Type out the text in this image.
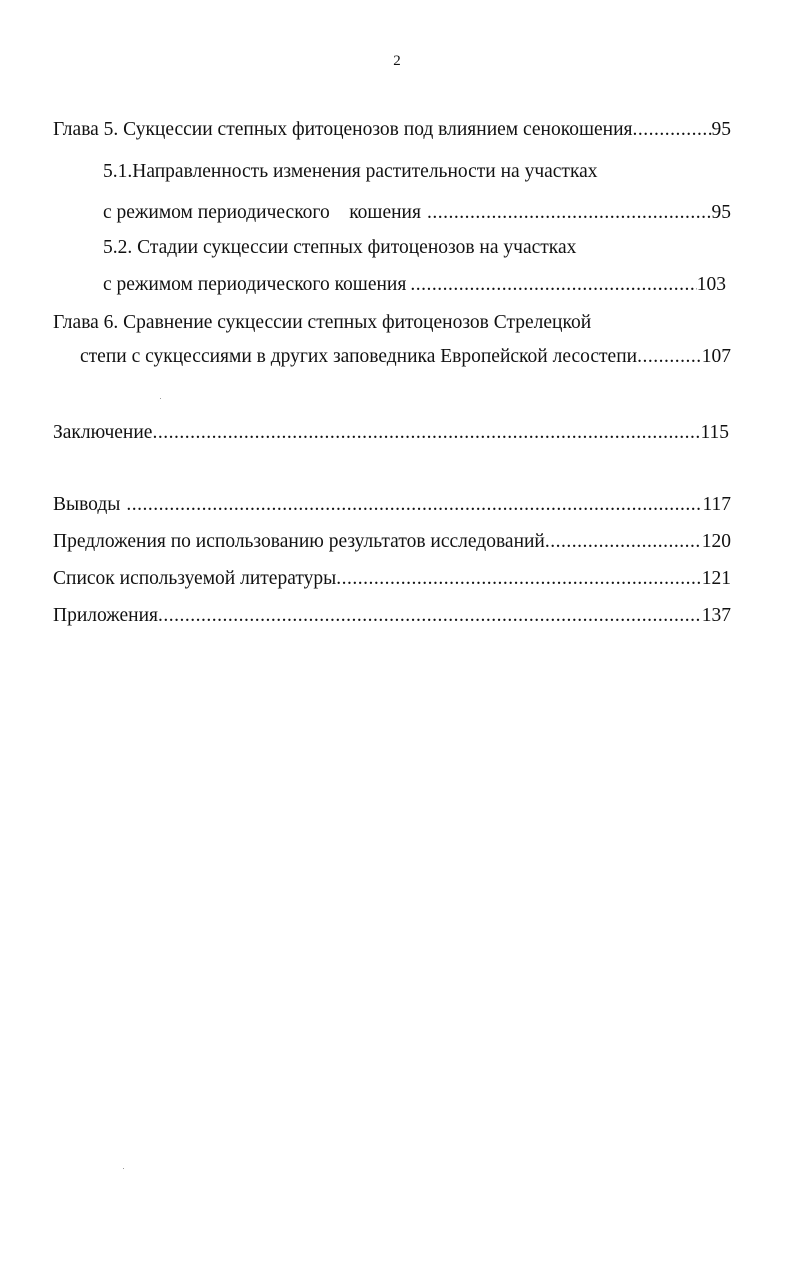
2
Глава 5. Сукцессии степных фитоценозов под влиянием сенокошения .....	95
5.1.Направленность изменения растительности на участках
с режимом периодического    кошения .....	95
5.2. Стадии сукцессии степных фитоценозов на участках
с режимом периодического кошения .....	103
Глава 6. Сравнение сукцессии степных фитоценозов Стрелецкой
степи с сукцессиями в других заповедника Европейской лесостепи .....	107
Заключение .....	115
Выводы .....	117
Предложения по использованию результатов исследований .....	120
Список используемой литературы .....	121
Приложения .....	137
